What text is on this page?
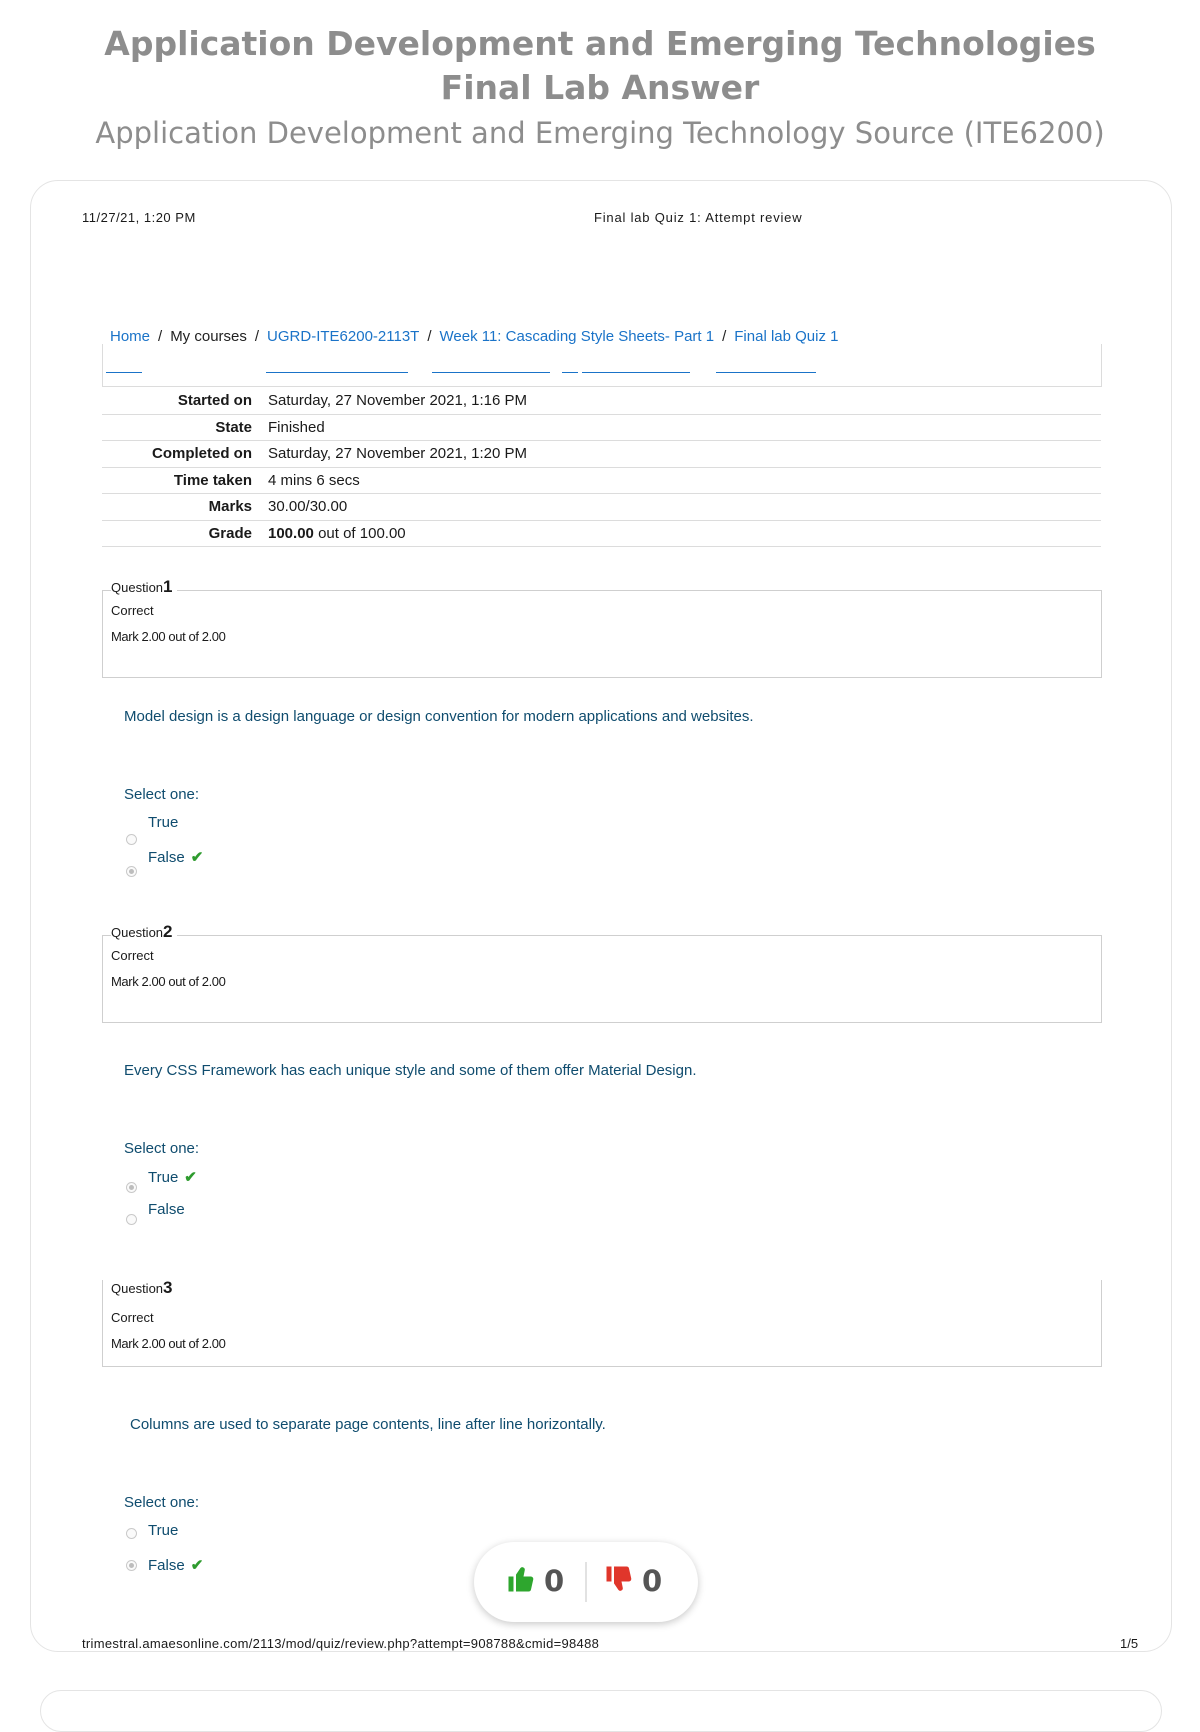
Application Development and Emerging Technologies Final Lab Answer
Application Development and Emerging Technology Source (ITE6200)
11/27/21, 1:20 PM	Final lab Quiz 1: Attempt review
Home / My courses / UGRD-ITE6200-2113T / Week 11: Cascading Style Sheets- Part 1 / Final lab Quiz 1
Started on	Saturday, 27 November 2021, 1:16 PM
State	Finished
Completed on	Saturday, 27 November 2021, 1:20 PM
Time taken	4 mins 6 secs
Marks	30.00/30.00
Grade	100.00 out of 100.00
Question1
Correct
Mark 2.00 out of 2.00
Model design is a design language or design convention for modern applications and websites.
Select one:
True
False ✔
Question2
Correct
Mark 2.00 out of 2.00
Every CSS Framework has each unique style and some of them offer Material Design.
Select one:
True ✔
False
Question3
Correct
Mark 2.00 out of 2.00
Columns are used to separate page contents, line after line horizontally.
Select one:
True
False ✔	0	0
trimestral.amaesonline.com/2113/mod/quiz/review.php?attempt=908788&cmid=98488	1/5
